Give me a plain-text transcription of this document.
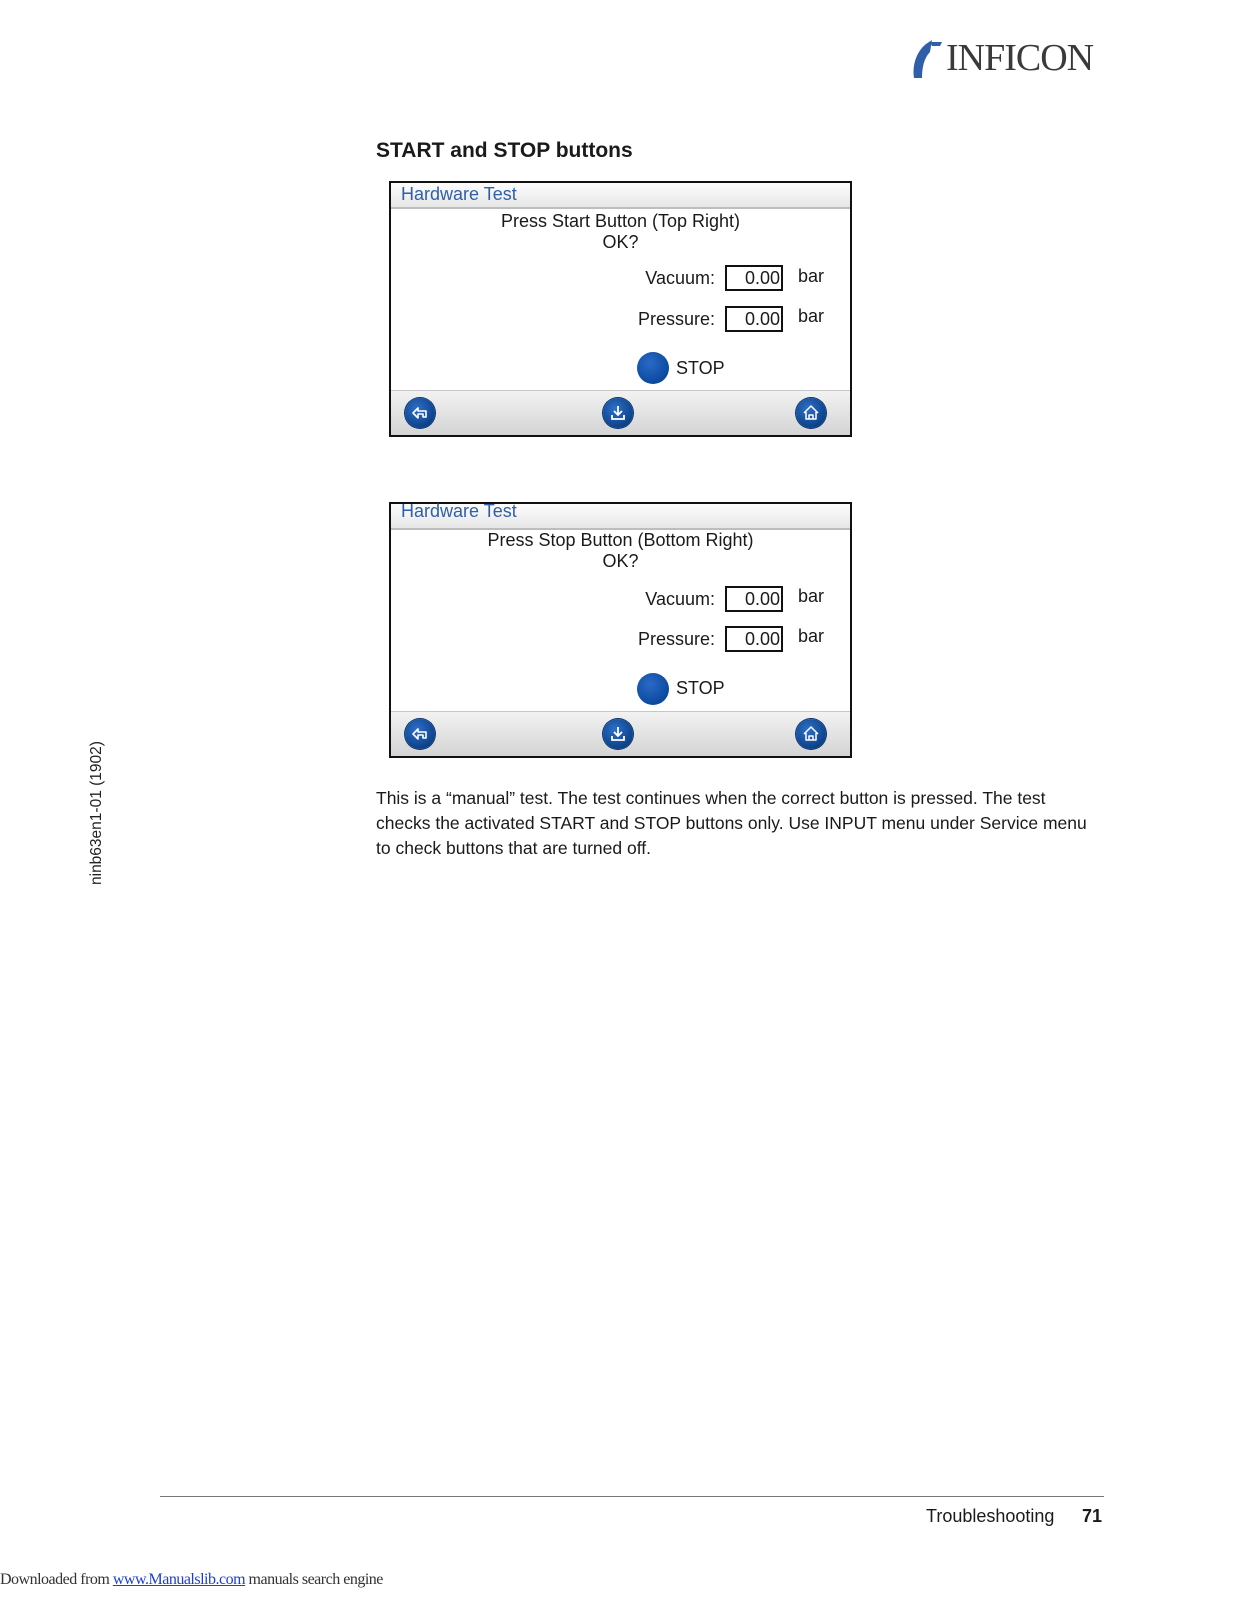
INFICON
START and STOP buttons
Hardware Test
Press Start Button (Top Right)
OK?
Vacuum:	0.00 bar
Pressure:	0.00 bar
STOP
Hardware Test
Press Stop Button (Bottom Right)
OK?
Vacuum:	0.00 bar
Pressure:	0.00 bar
STOP

This is a “manual” test. The test continues when the correct button is pressed. The test checks the activated START and STOP buttons only. Use INPUT menu under Service menu to check buttons that are turned off.

ninb63en1-01 (1902)
Troubleshooting 71
Downloaded from www.Manualslib.com manuals search engine
